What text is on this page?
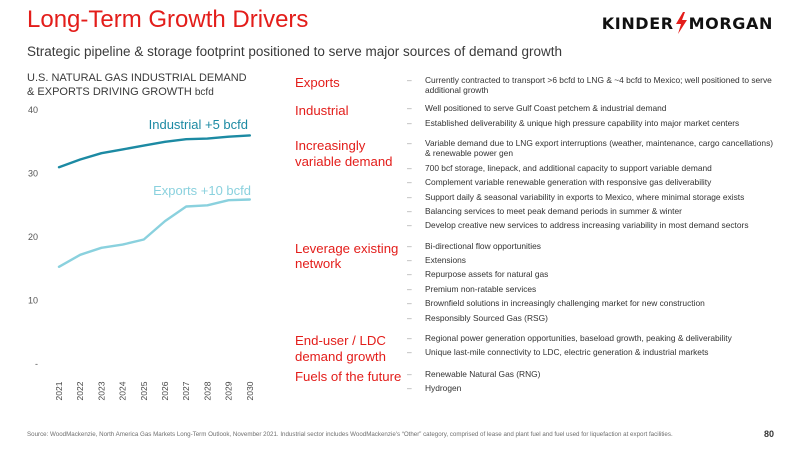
Long-Term Growth Drivers
Strategic pipeline & storage footprint positioned to serve major sources of demand growth
KINDER MORGAN
U.S. NATURAL GAS INDUSTRIAL DEMAND
& EXPORTS DRIVING GROWTH bcfd
40
30
20
10
-
2021 2022 2023 2024 2025 2026 2027 2028 2029 2030
Industrial +5 bcfd
Exports +10 bcfd
Exports	– Currently contracted to transport >6 bcfd to LNG & ~4 bcfd to Mexico; well positioned to serve additional growth
Industrial	– Well positioned to serve Gulf Coast petchem & industrial demand
– Established deliverability & unique high pressure capability into major market centers
Increasingly variable demand
– Variable demand due to LNG export interruptions (weather, maintenance, cargo cancellations) & renewable power gen
– 700 bcf storage, linepack, and additional capacity to support variable demand
– Complement variable renewable generation with responsive gas deliverability
– Support daily & seasonal variability in exports to Mexico, where minimal storage exists
– Balancing services to meet peak demand periods in summer & winter
– Develop creative new services to address increasing variability in most demand sectors
Leverage existing network
– Bi-directional flow opportunities
– Extensions
– Repurpose assets for natural gas
– Premium non-ratable services
– Brownfield solutions in increasingly challenging market for new construction
– Responsibly Sourced Gas (RSG)
End-user / LDC demand growth
– Regional power generation opportunities, baseload growth, peaking & deliverability
– Unique last-mile connectivity to LDC, electric generation & industrial markets
Fuels of the future	– Renewable Natural Gas (RNG)
– Hydrogen
Source: WoodMackenzie, North America Gas Markets Long-Term Outlook, November 2021. Industrial sector includes WoodMackenzie's “Other” category, comprised of lease and plant fuel and fuel used for liquefaction at export facilities.	80
